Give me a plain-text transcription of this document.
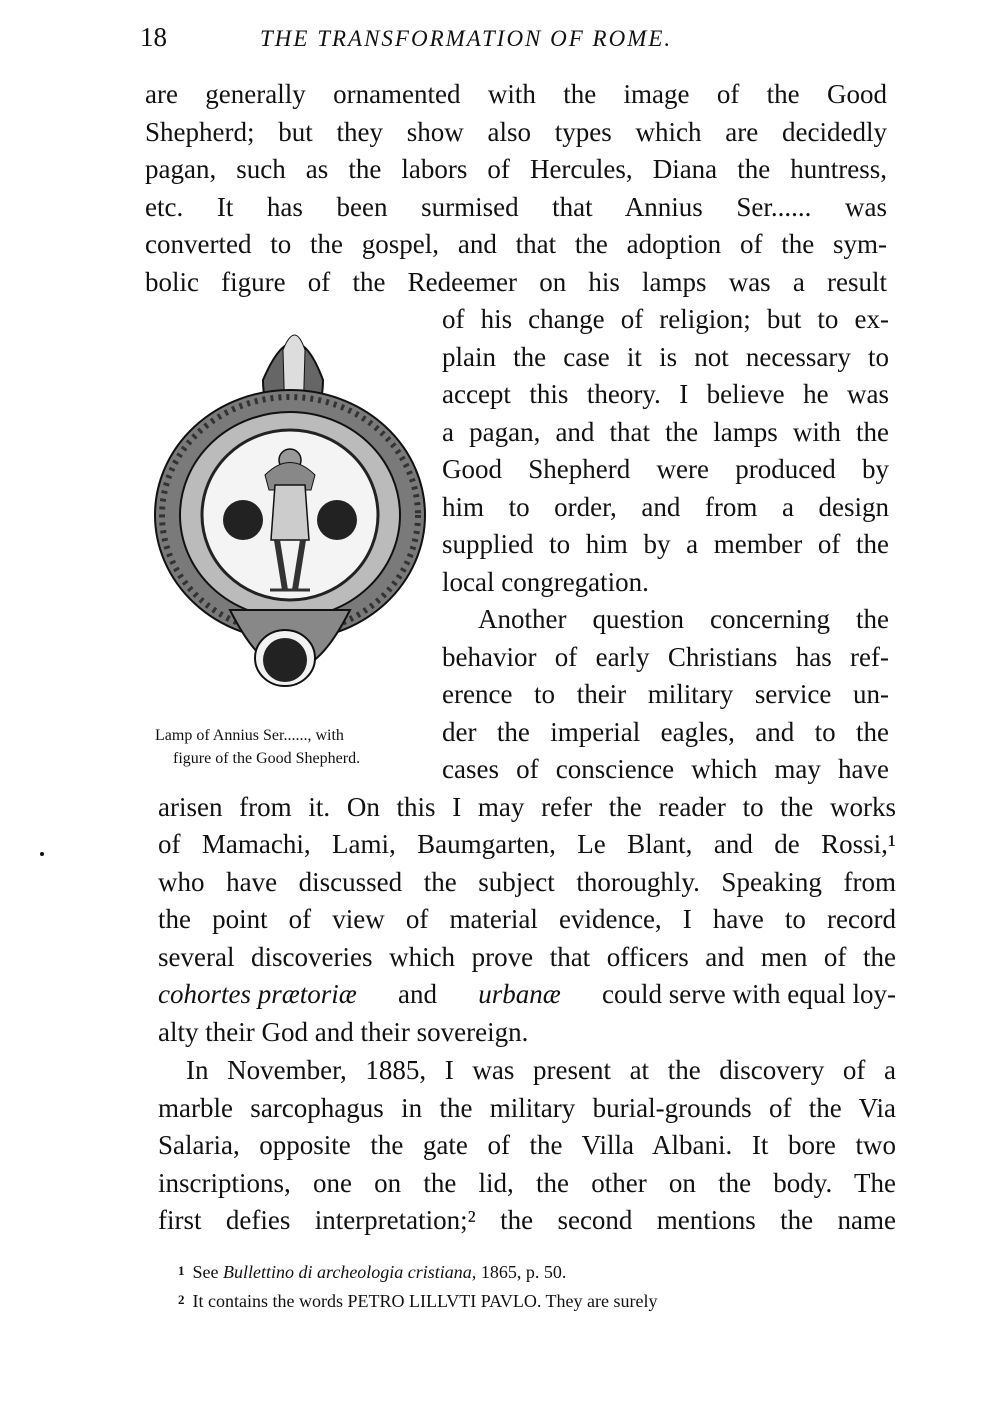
18	THE TRANSFORMATION OF ROME.
are generally ornamented with the image of the Good
Shepherd; but they show also types which are decidedly
pagan, such as the labors of Hercules, Diana the huntress,
etc. It has been surmised that Annius Ser...... was
converted to the gospel, and that the adoption of the sym-
bolic figure of the Redeemer on his lamps was a result
of his change of religion; but to ex-
plain the case it is not necessary to
accept this theory. I believe he was
a pagan, and that the lamps with the
Good Shepherd were produced by
him to order, and from a design
supplied to him by a member of the
local congregation.
Another question concerning the
behavior of early Christians has ref-
erence to their military service un-
der the imperial eagles, and to the
cases of conscience which may have
arisen from it. On this I may refer the reader to the works
of Mamachi, Lami, Baumgarten, Le Blant, and de Rossi,¹
who have discussed the subject thoroughly. Speaking from
the point of view of material evidence, I have to record
several discoveries which prove that officers and men of the
cohortes prætoriæ and urbanæ could serve with equal loy-
alty their God and their sovereign.
In November, 1885, I was present at the discovery of a
marble sarcophagus in the military burial-grounds of the Via
Salaria, opposite the gate of the Villa Albani. It bore two
inscriptions, one on the lid, the other on the body. The
first defies interpretation;² the second mentions the name
Lamp of Annius Ser......, with
figure of the Good Shepherd.
$^1$ See Bullettino di archeologia cristiana, 1865, p. 50.
$^2$ It contains the words PETRO LILLVTI PAVLO. They are surely
